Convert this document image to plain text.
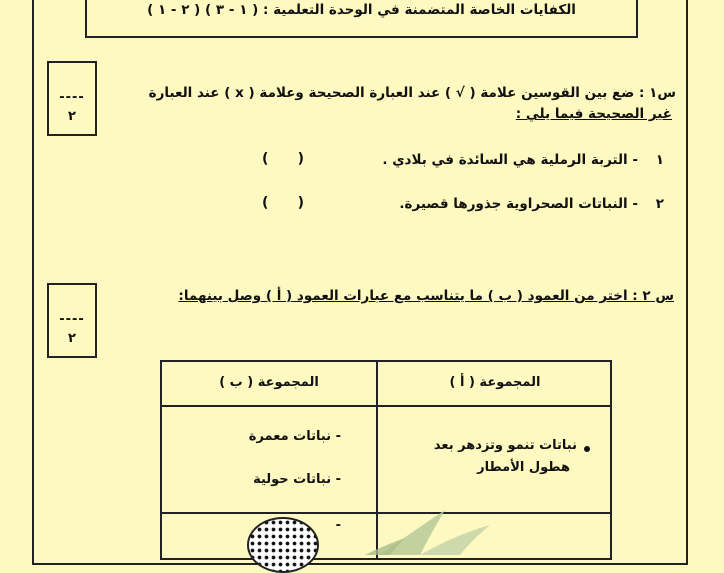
الكفايات الخاصة المتضمنة في الوحدة التعلمية : ( ١ - ٣ ) ( ٢ - ١ )
----
٢
س١ : ضع بين القوسين علامة ( √ ) عند العبارة الصحيحة وعلامة ( x ) عند العبارة
غير الصحيحة فيما يلي :
١
- التربة الرملية هي السائدة في بلادي .
(      )
٢
- النباتات الصحراوية جذورها قصيرة.
(      )
----
٢
س ٢ : اختر من العمود ( ب ) ما يتناسب مع عبارات العمود ( أ ) وصل بينهما:
المجموعة ( أ )
المجموعة ( ب )
نباتات تنمو وتزدهر بعد
هطول الأمطار
- نباتات معمرة
- نباتات حولية
-
